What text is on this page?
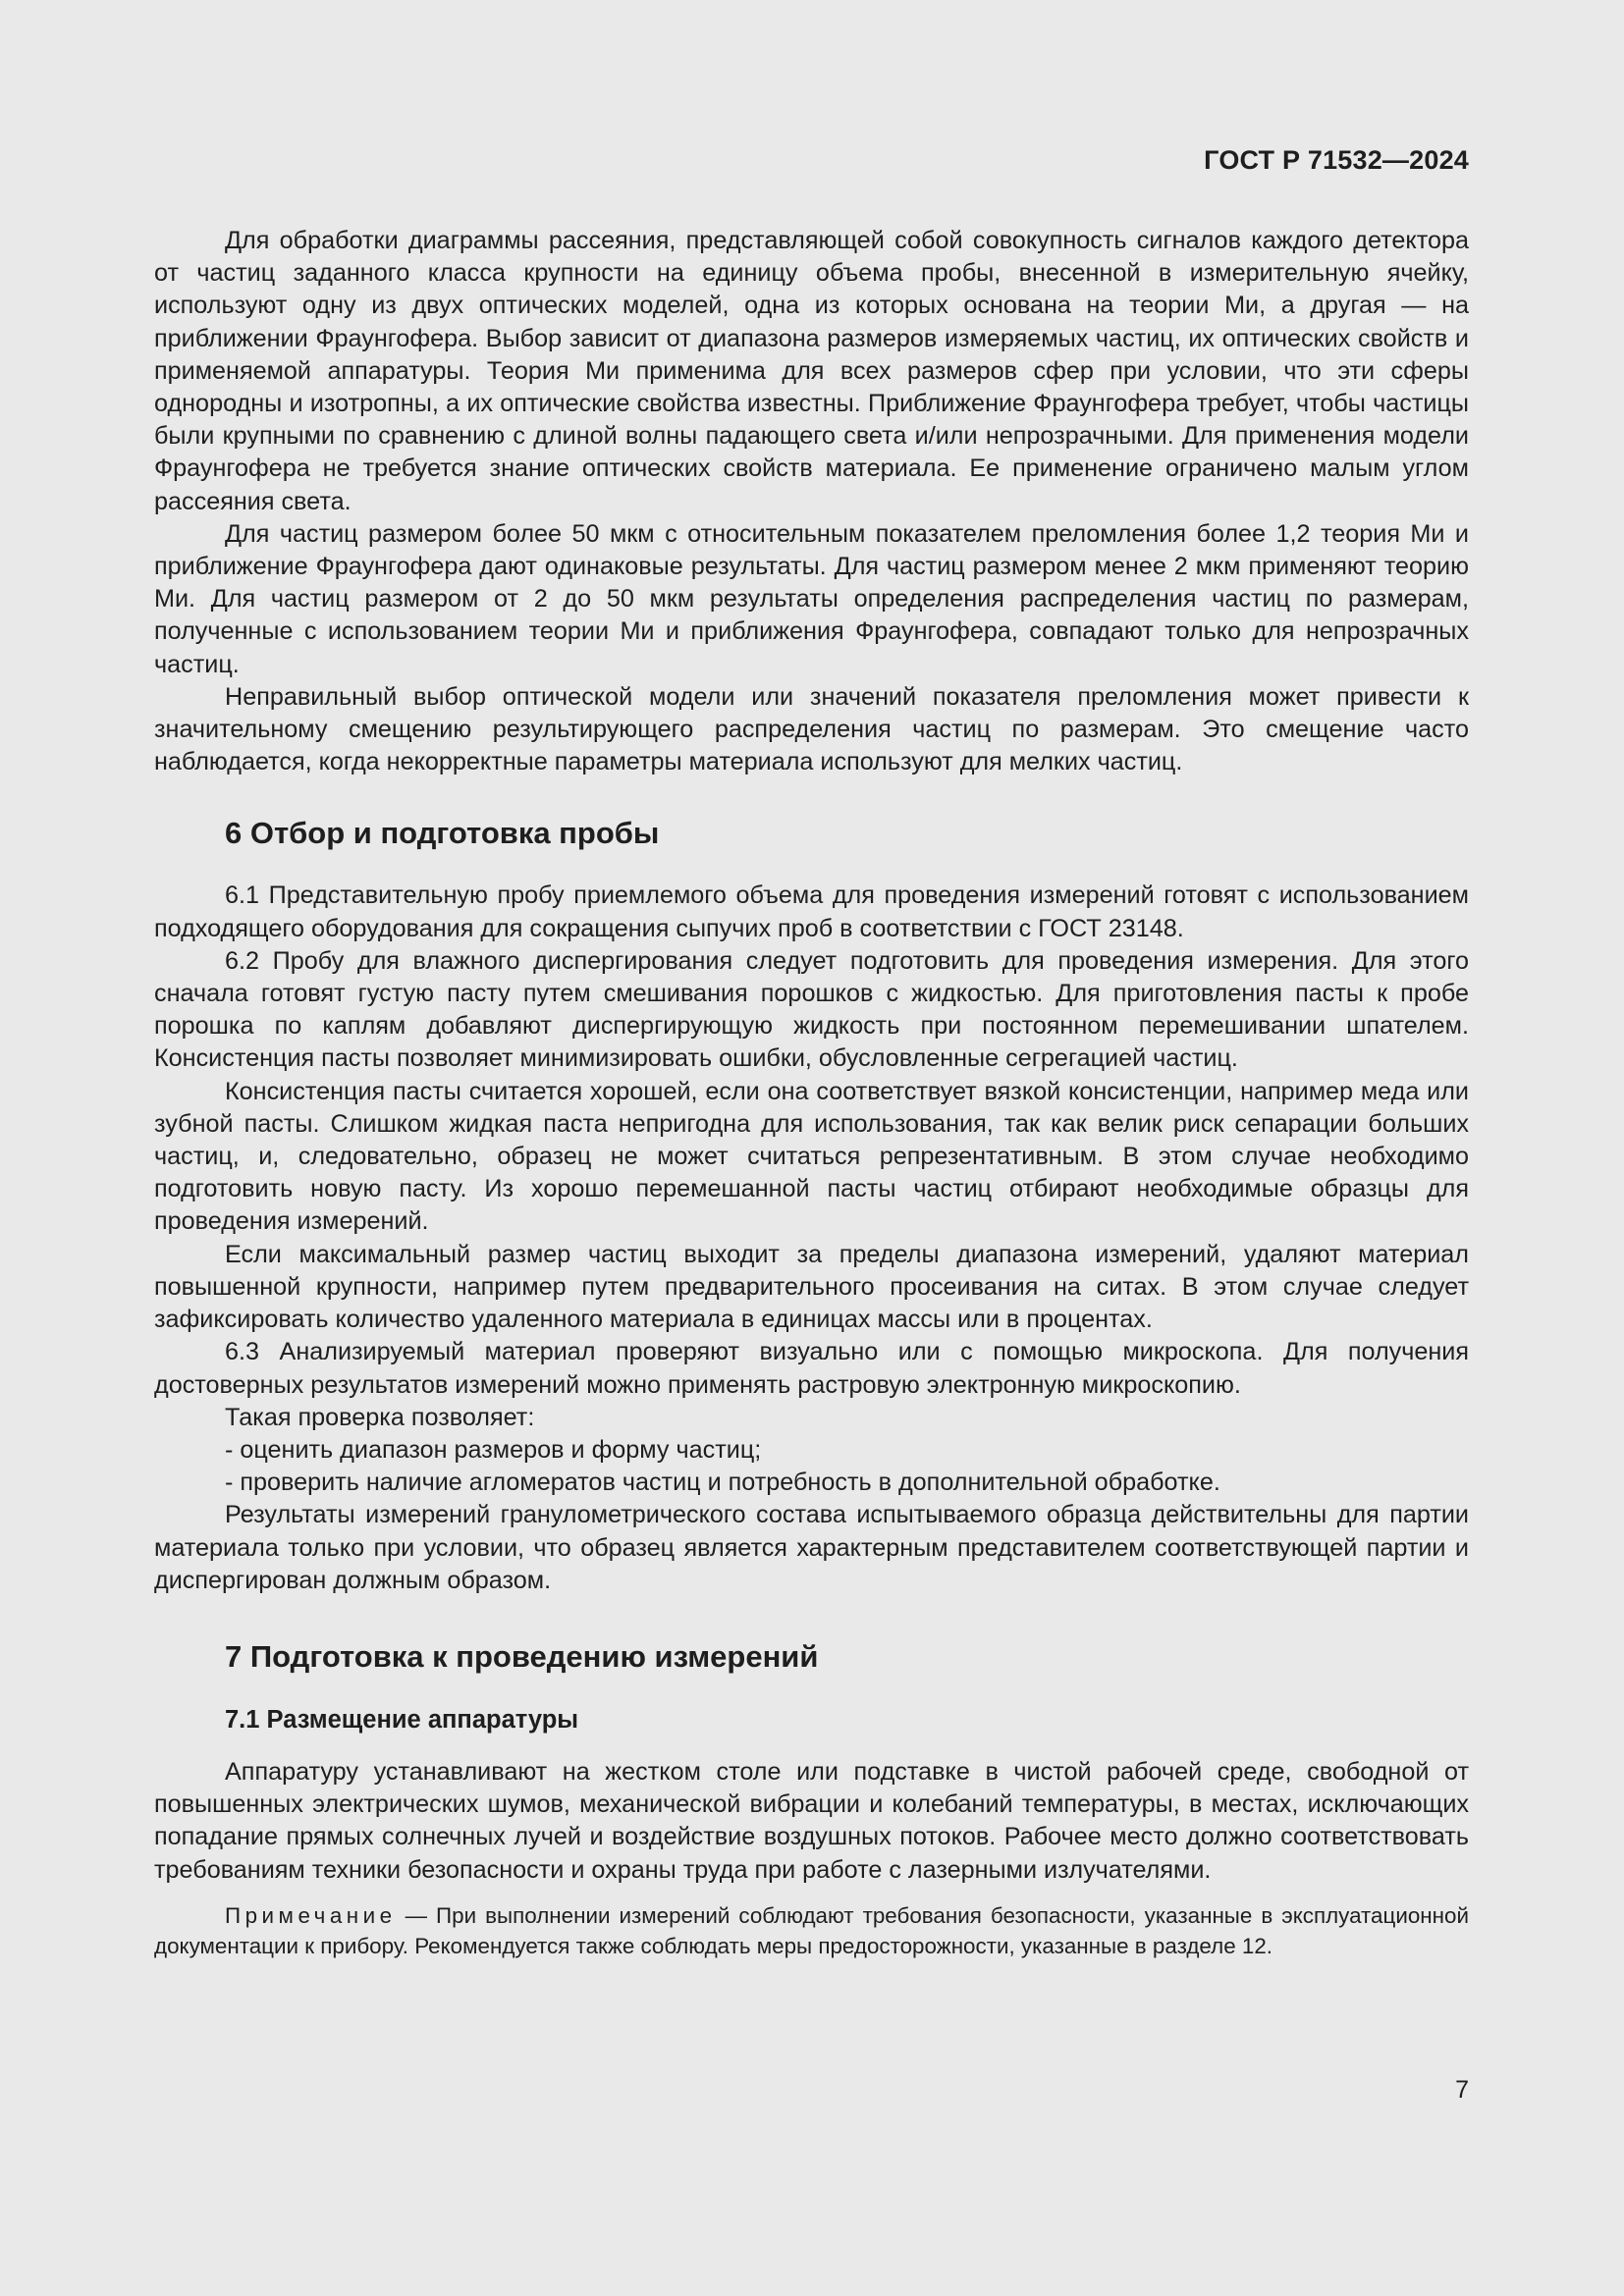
ГОСТ Р 71532—2024

Для обработки диаграммы рассеяния, представляющей собой совокупность сигналов каждого детектора от частиц заданного класса крупности на единицу объема пробы, внесенной в измерительную ячейку, используют одну из двух оптических моделей, одна из которых основана на теории Ми, а другая — на приближении Фраунгофера. Выбор зависит от диапазона размеров измеряемых частиц, их оптических свойств и применяемой аппаратуры. Теория Ми применима для всех размеров сфер при условии, что эти сферы однородны и изотропны, а их оптические свойства известны. Приближение Фраунгофера требует, чтобы частицы были крупными по сравнению с длиной волны падающего света и/или непрозрачными. Для применения модели Фраунгофера не требуется знание оптических свойств материала. Ее применение ограничено малым углом рассеяния света.

Для частиц размером более 50 мкм с относительным показателем преломления более 1,2 теория Ми и приближение Фраунгофера дают одинаковые результаты. Для частиц размером менее 2 мкм применяют теорию Ми. Для частиц размером от 2 до 50 мкм результаты определения распределения частиц по размерам, полученные с использованием теории Ми и приближения Фраунгофера, совпадают только для непрозрачных частиц.

Неправильный выбор оптической модели или значений показателя преломления может привести к значительному смещению результирующего распределения частиц по размерам. Это смещение часто наблюдается, когда некорректные параметры материала используют для мелких частиц.

6 Отбор и подготовка пробы

6.1 Представительную пробу приемлемого объема для проведения измерений готовят с использованием подходящего оборудования для сокращения сыпучих проб в соответствии с ГОСТ 23148.

6.2 Пробу для влажного диспергирования следует подготовить для проведения измерения. Для этого сначала готовят густую пасту путем смешивания порошков с жидкостью. Для приготовления пасты к пробе порошка по каплям добавляют диспергирующую жидкость при постоянном перемешивании шпателем. Консистенция пасты позволяет минимизировать ошибки, обусловленные сегрегацией частиц.

Консистенция пасты считается хорошей, если она соответствует вязкой консистенции, например меда или зубной пасты. Слишком жидкая паста непригодна для использования, так как велик риск сепарации больших частиц, и, следовательно, образец не может считаться репрезентативным. В этом случае необходимо подготовить новую пасту. Из хорошо перемешанной пасты частиц отбирают необходимые образцы для проведения измерений.

Если максимальный размер частиц выходит за пределы диапазона измерений, удаляют материал повышенной крупности, например путем предварительного просеивания на ситах. В этом случае следует зафиксировать количество удаленного материала в единицах массы или в процентах.

6.3 Анализируемый материал проверяют визуально или с помощью микроскопа. Для получения достоверных результатов измерений можно применять растровую электронную микроскопию.

Такая проверка позволяет:

- оценить диапазон размеров и форму частиц;

- проверить наличие агломератов частиц и потребность в дополнительной обработке.

Результаты измерений гранулометрического состава испытываемого образца действительны для партии материала только при условии, что образец является характерным представителем соответствующей партии и диспергирован должным образом.

7 Подготовка к проведению измерений
7.1 Размещение аппаратуры

Аппаратуру устанавливают на жестком столе или подставке в чистой рабочей среде, свободной от повышенных электрических шумов, механической вибрации и колебаний температуры, в местах, исключающих попадание прямых солнечных лучей и воздействие воздушных потоков. Рабочее место должно соответствовать требованиям техники безопасности и охраны труда при работе с лазерными излучателями.

Примечание — При выполнении измерений соблюдают требования безопасности, указанные в эксплуатационной документации к прибору. Рекомендуется также соблюдать меры предосторожности, указанные в разделе 12.

7
